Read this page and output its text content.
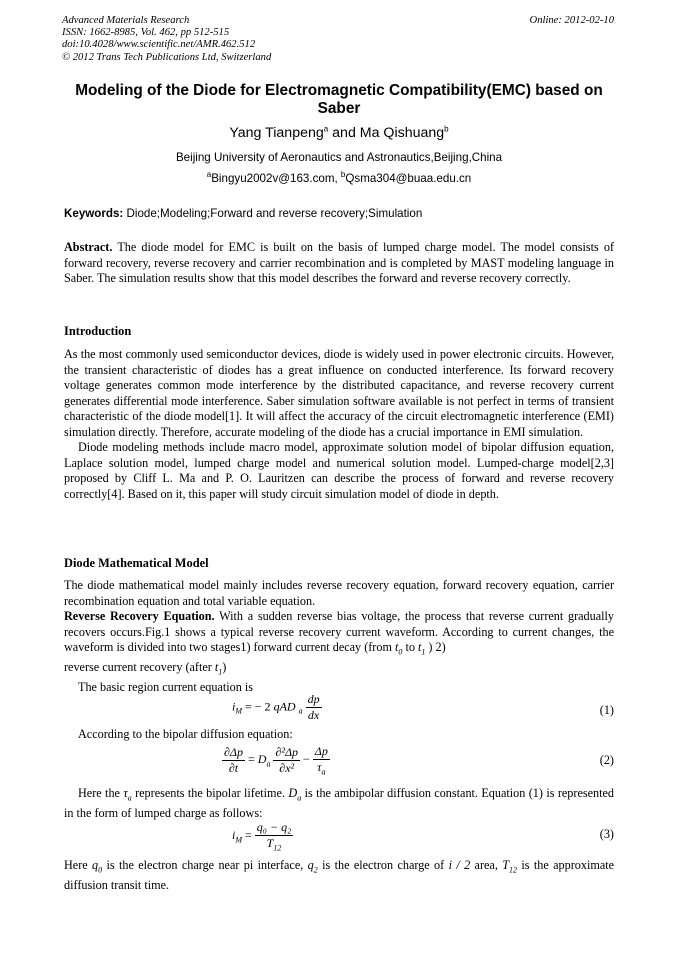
Advanced Materials Research
ISSN: 1662-8985, Vol. 462, pp 512-515
doi:10.4028/www.scientific.net/AMR.462.512
© 2012 Trans Tech Publications Ltd, Switzerland
Online: 2012-02-10
Modeling of the Diode for Electromagnetic Compatibility(EMC) based on Saber
Yang Tianpeng$^a$ and Ma Qishuang$^b$
Beijing University of Aeronautics and Astronautics,Beijing,China
$^a$Bingyu2002v@163.com, $^b$Qsma304@buaa.edu.cn
Keywords: Diode;Modeling;Forward and reverse recovery;Simulation
Abstract. The diode model for EMC is built on the basis of lumped charge model. The model consists of forward recovery, reverse recovery and carrier recombination and is completed by MAST modeling language in Saber. The simulation results show that this model describes the forward and reverse recovery correctly.
Introduction

As the most commonly used semiconductor devices, diode is widely used in power electronic circuits. However, the transient characteristic of diodes has a great influence on conducted interference. Its forward recovery voltage generates common mode interference by the distributed capacitance, and reverse recovery current generates differential mode interference. Saber simulation software available is not perfect in terms of transient characteristic of the diode model[1]. It will affect the accuracy of the circuit electromagnetic interference (EMI) simulation directly. Therefore, accurate modeling of the diode has a crucial importance in EMI simulation.

Diode modeling methods include macro model, approximate solution model of bipolar diffusion equation, Laplace solution model, lumped charge model and numerical solution model. Lumped-charge model[2,3] proposed by Cliff L. Ma and P. O. Lauritzen can describe the process of forward and reverse recovery correctly[4]. Based on it, this paper will study circuit simulation model of diode in depth.

Diode Mathematical Model

The diode mathematical model mainly includes reverse recovery equation, forward recovery equation, carrier recombination equation and total variable equation.

Reverse Recovery Equation. With a sudden reverse bias voltage, the process that reverse current gradually recovers occurs.Fig.1 shows a typical reverse recovery current waveform. According to current changes, the waveform is divided into two stages1) forward current decay (from $t_0$ to $t_1$ ) 2)

reverse current recovery (after $t_1$)

The basic region current equation is

$i_M$ = − 2 qAD $_a \frac{dp}{dx}$	(1)
According to the bipolar diffusion equation:
$\frac{\partial\Delta p}{\partial t} = D_a \frac{\text{∂²Δp}}{\text{∂x²}} - \frac{\Delta p}{\tau_a}$	(2)
Here the $\tau_a$ represents the bipolar lifetime. $D_a$ is the ambipolar diffusion constant. Equation (1) is represented in the form of lumped charge as follows:
$i_M = \frac{\text{q₀ − q₂}}{T_{12}}$	(3)
Here $q_0$ is the electron charge near pi interface, $q_2$ is the electron charge of i / 2 area, $T_{12}$ is the approximate diffusion transit time.
